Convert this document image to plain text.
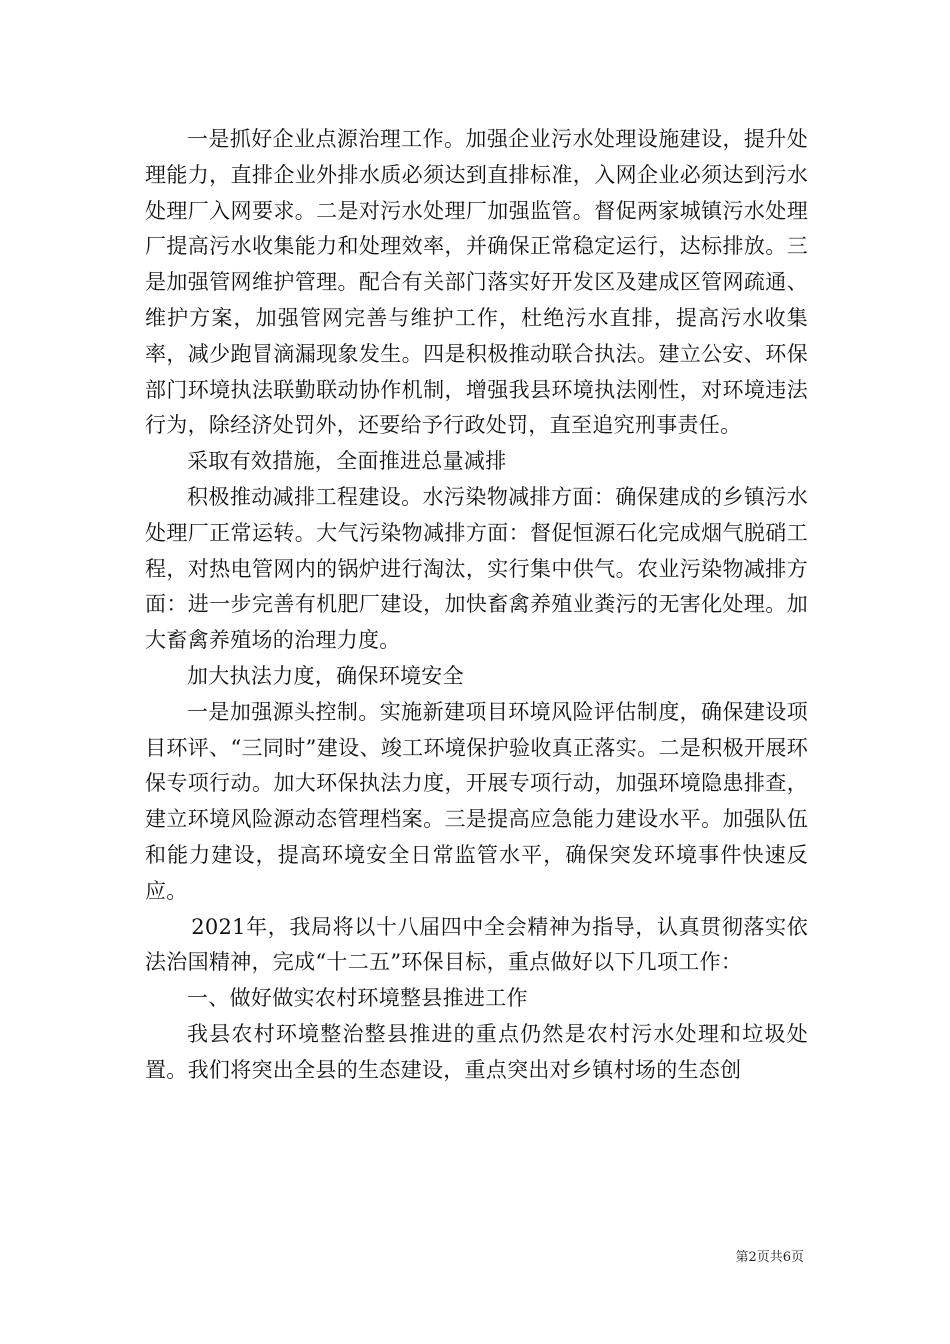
一是抓好企业点源治理工作。加强企业污水处理设施建设，提升处理能力，直排企业外排水质必须达到直排标准，入网企业必须达到污水处理厂入网要求。二是对污水处理厂加强监管。督促两家城镇污水处理厂提高污水收集能力和处理效率，并确保正常稳定运行，达标排放。三是加强管网维护管理。配合有关部门落实好开发区及建成区管网疏通、维护方案，加强管网完善与维护工作，杜绝污水直排，提高污水收集率，减少跑冒滴漏现象发生。四是积极推动联合执法。建立公安、环保部门环境执法联勤联动协作机制，增强我县环境执法刚性，对环境违法行为，除经济处罚外，还要给予行政处罚，直至追究刑事责任。

采取有效措施，全面推进总量减排

积极推动减排工程建设。水污染物减排方面：确保建成的乡镇污水处理厂正常运转。大气污染物减排方面：督促恒源石化完成烟气脱硝工程，对热电管网内的锅炉进行淘汰，实行集中供气。农业污染物减排方面：进一步完善有机肥厂建设，加快畜禽养殖业粪污的无害化处理。加大畜禽养殖场的治理力度。

加大执法力度，确保环境安全

一是加强源头控制。实施新建项目环境风险评估制度，确保建设项目环评、“三同时”建设、竣工环境保护验收真正落实。二是积极开展环保专项行动。加大环保执法力度，开展专项行动，加强环境隐患排查，建立环境风险源动态管理档案。三是提高应急能力建设水平。加强队伍和能力建设，提高环境安全日常监管水平，确保突发环境事件快速反应。

2021年，我局将以十八届四中全会精神为指导，认真贯彻落实依法治国精神，完成“十二五”环保目标，重点做好以下几项工作：

一、做好做实农村环境整县推进工作

我县农村环境整治整县推进的重点仍然是农村污水处理和垃圾处置。我们将突出全县的生态建设，重点突出对乡镇村场的生态创

第2页共6页
